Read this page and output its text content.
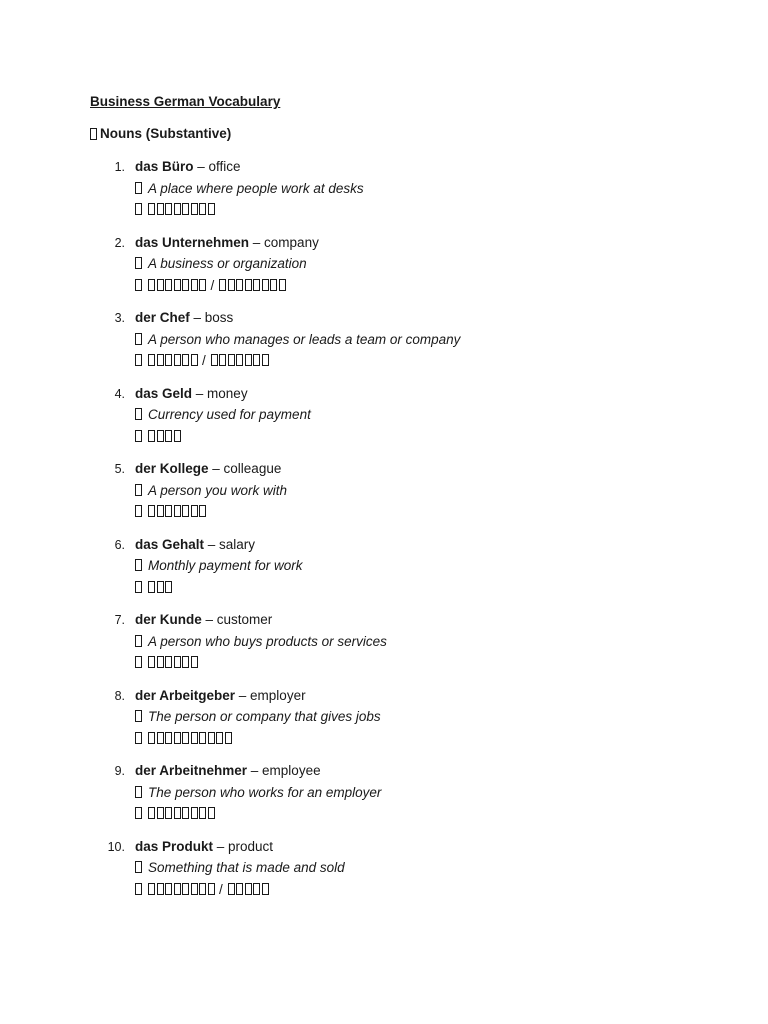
Business German Vocabulary
Nouns (Substantive)
1. das Büro – office
A place where people work at desks
2. das Unternehmen – company
A business or organization
/
3. der Chef – boss
A person who manages or leads a team or company
/
4. das Geld – money
Currency used for payment
5. der Kollege – colleague
A person you work with
6. das Gehalt – salary
Monthly payment for work
7. der Kunde – customer
A person who buys products or services
8. der Arbeitgeber – employer
The person or company that gives jobs
9. der Arbeitnehmer – employee
The person who works for an employer
10. das Produkt – product
Something that is made and sold
/
